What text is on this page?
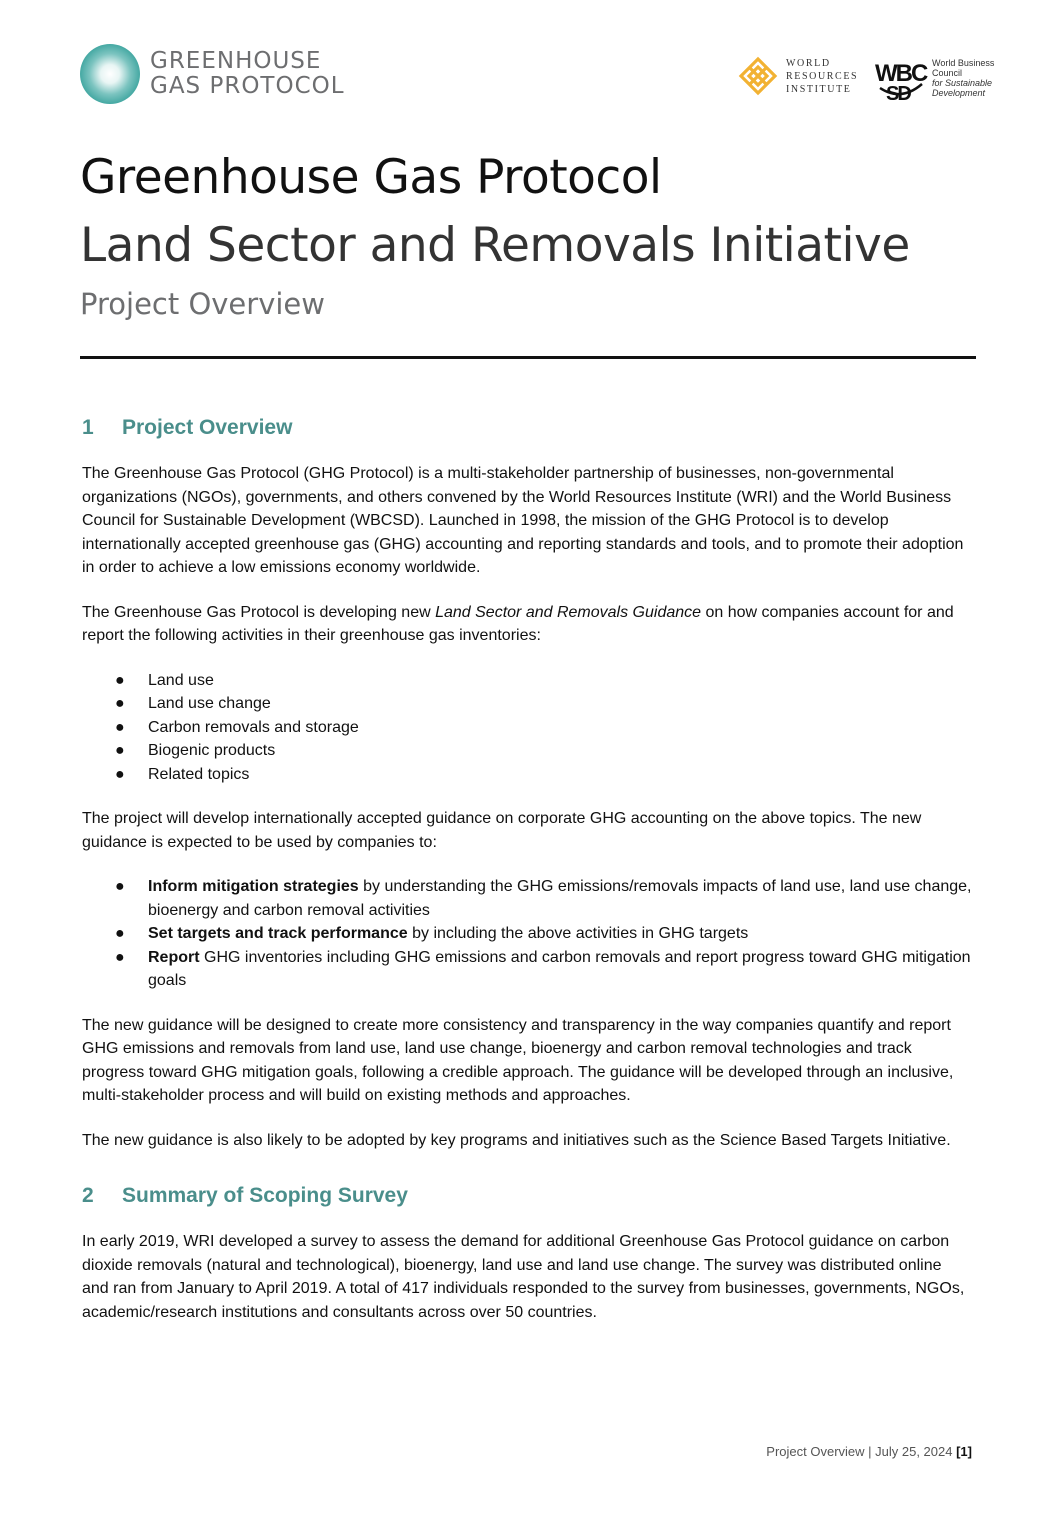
GREENHOUSE
GAS PROTOCOL
WORLD
RESOURCES
INSTITUTE
WBC
SD
World Business
Council
for Sustainable
Development
Greenhouse Gas Protocol
Land Sector and Removals Initiative
Project Overview
1	Project Overview

The Greenhouse Gas Protocol (GHG Protocol) is a multi-stakeholder partnership of businesses, non-governmental organizations (NGOs), governments, and others convened by the World Resources Institute (WRI) and the World Business Council for Sustainable Development (WBCSD). Launched in 1998, the mission of the GHG Protocol is to develop internationally accepted greenhouse gas (GHG) accounting and reporting standards and tools, and to promote their adoption in order to achieve a low emissions economy worldwide.

The Greenhouse Gas Protocol is developing new Land Sector and Removals Guidance on how companies account for and report the following activities in their greenhouse gas inventories:

● Land use
● Land use change
● Carbon removals and storage
● Biogenic products
● Related topics

The project will develop internationally accepted guidance on corporate GHG accounting on the above topics. The new guidance is expected to be used by companies to:

● Inform mitigation strategies by understanding the GHG emissions/removals impacts of land use, land use change, bioenergy and carbon removal activities
● Set targets and track performance by including the above activities in GHG targets
● Report GHG inventories including GHG emissions and carbon removals and report progress toward GHG mitigation goals

The new guidance will be designed to create more consistency and transparency in the way companies quantify and report GHG emissions and removals from land use, land use change, bioenergy and carbon removal technologies and track progress toward GHG mitigation goals, following a credible approach. The guidance will be developed through an inclusive, multi-stakeholder process and will build on existing methods and approaches.

The new guidance is also likely to be adopted by key programs and initiatives such as the Science Based Targets Initiative.

2	Summary of Scoping Survey

In early 2019, WRI developed a survey to assess the demand for additional Greenhouse Gas Protocol guidance on carbon dioxide removals (natural and technological), bioenergy, land use and land use change. The survey was distributed online and ran from January to April 2019. A total of 417 individuals responded to the survey from businesses, governments, NGOs, academic/research institutions and consultants across over 50 countries.

Project Overview | July 25, 2024 [1]
